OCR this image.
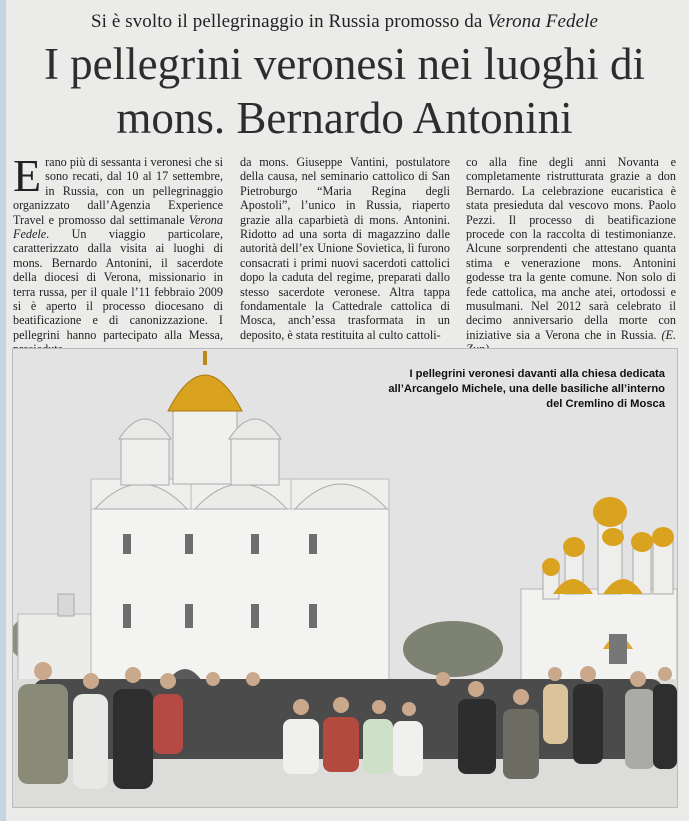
Si è svolto il pellegrinaggio in Russia promosso da Verona Fedele
I pellegrini veronesi nei luoghi di mons. Bernardo Antonini

Erano più di sessanta i veronesi che si sono recati, dal 10 al 17 settembre, in Russia, con un pellegrinaggio organizzato dall’Agenzia Experience Travel e promosso dal settimanale Verona Fedele. Un viaggio particolare, caratterizzato dalla visita ai luoghi di mons. Bernardo Antonini, il sacerdote della diocesi di Verona, missionario in terra russa, per il quale l’11 febbraio 2009 si è aperto il processo diocesano di beatificazione e di canonizzazione. I pellegrini hanno partecipato alla Messa,

da mons. Giuseppe Vantini, postulatore della causa, nel seminario cattolico di San Pietroburgo “Maria Regina degli Apostoli”, l’unico in Russia, riaperto grazie alla caparbietà di mons. Antonini. Ridotto ad una sorta di magazzino dalle autorità dell’ex Unione Sovietica, lì furono consacrati i primi nuovi sacerdoti cattolici dopo la caduta del regime, preparati dallo stesso sacerdote veronese. Altra tappa fondamentale la Cattedrale cattolica di Mosca, anch’essa trasformata in un deposito, è stata restituita al culto cattoli-

co alla fine degli anni Novanta e completamente ristrutturata grazie a don Bernardo. La celebrazione eucaristica è stata presieduta dal vescovo mons. Paolo Pezzi. Il processo di beatificazione procede con la raccolta di testimonianze. Alcune sorprendenti che attestano quanta stima e venerazione mons. Antonini godesse tra la gente comune. Non solo di fede cattolica, ma anche atei, ortodossi e musulmani. Nel 2012 sarà celebrato il decimo anniversario della morte con iniziative sia a Verona che in Russia. (E.

I pellegrini veronesi davanti alla chiesa dedicata all’Arcangelo Michele, una delle basiliche all’interno del Cremlino di Mosca
